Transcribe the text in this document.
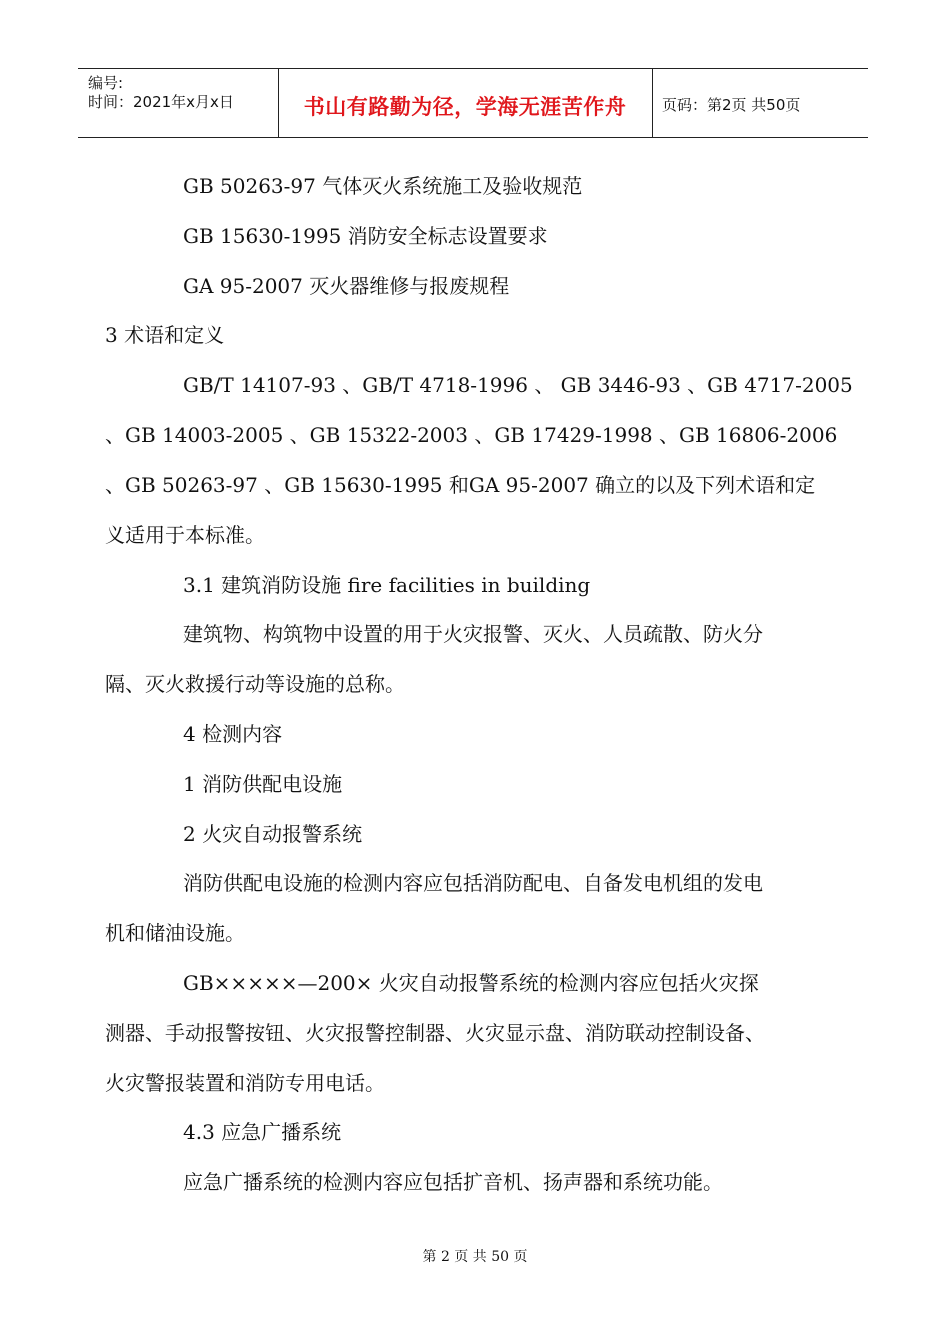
编号:
时间：2021年x月x日	书山有路勤为径，学海无涯苦作舟	页码：第2页 共50页
GB 50263-97 气体灭火系统施工及验收规范
GB 15630-1995 消防安全标志设置要求
GA 95-2007 灭火器维修与报废规程
3 术语和定义
GB/T 14107-93 、GB/T 4718-1996 、 GB 3446-93 、GB 4717-2005
、GB 14003-2005 、GB 15322-2003 、GB 17429-1998 、GB 16806-2006
、GB 50263-97 、GB 15630-1995 和GA 95-2007 确立的以及下列术语和定
义适用于本标准。
3.1 建筑消防设施 fire facilities in building
建筑物、构筑物中设置的用于火灾报警、灭火、人员疏散、防火分
隔、灭火救援行动等设施的总称。
4 检测内容
1 消防供配电设施
2 火灾自动报警系统
消防供配电设施的检测内容应包括消防配电、自备发电机组的发电
机和储油设施。
GB×××××—200× 火灾自动报警系统的检测内容应包括火灾探
测器、手动报警按钮、火灾报警控制器、火灾显示盘、消防联动控制设备、
火灾警报装置和消防专用电话。
4.3 应急广播系统
应急广播系统的检测内容应包括扩音机、扬声器和系统功能。
第 2 页 共 50 页
